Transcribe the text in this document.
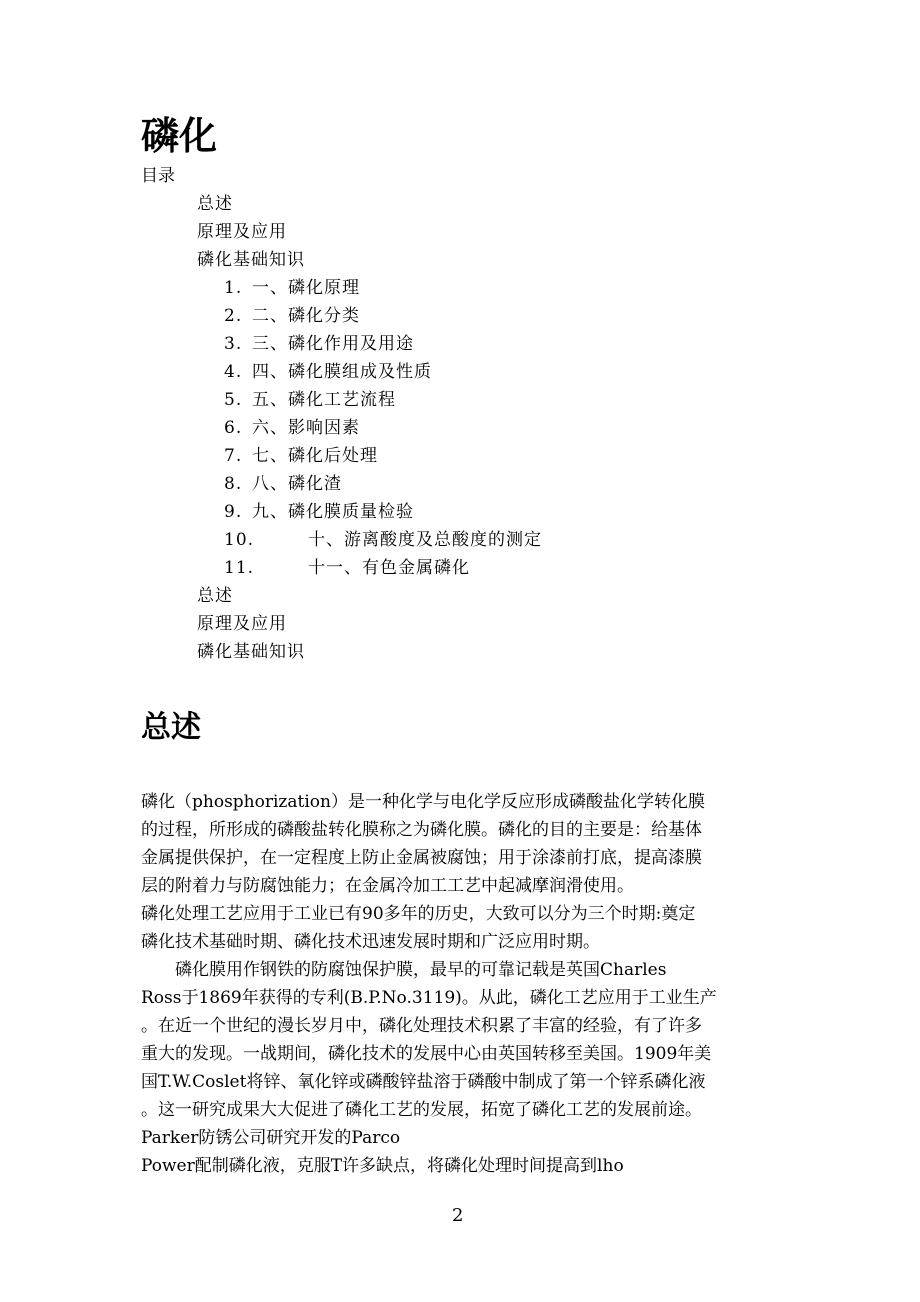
磷化
目录
总述
原理及应用
磷化基础知识
1. 一、磷化原理
2. 二、磷化分类
3. 三、磷化作用及用途
4. 四、磷化膜组成及性质
5. 五、磷化工艺流程
6. 六、影响因素
7. 七、磷化后处理
8. 八、磷化渣
9. 九、磷化膜质量检验
10.	十、游离酸度及总酸度的测定
11.	十一、有色金属磷化
总述
原理及应用
磷化基础知识
总述
磷化（phosphorization）是一种化学与电化学反应形成磷酸盐化学转化膜
的过程，所形成的磷酸盐转化膜称之为磷化膜。磷化的目的主要是：给基体
金属提供保护，在一定程度上防止金属被腐蚀；用于涂漆前打底，提高漆膜
层的附着力与防腐蚀能力；在金属冷加工工艺中起减摩润滑使用。
磷化处理工艺应用于工业已有90多年的历史，大致可以分为三个时期:奠定
磷化技术基础时期、磷化技术迅速发展时期和广泛应用时期。
　　磷化膜用作钢铁的防腐蚀保护膜，最早的可靠记载是英国Charles
Ross于1869年获得的专利(B.P.No.3119)。从此，磷化工艺应用于工业生产
。在近一个世纪的漫长岁月中，磷化处理技术积累了丰富的经验，有了许多
重大的发现。一战期间，磷化技术的发展中心由英国转移至美国。1909年美
国T.W.Coslet将锌、氧化锌或磷酸锌盐溶于磷酸中制成了第一个锌系磷化液
。这一研究成果大大促进了磷化工艺的发展，拓宽了磷化工艺的发展前途。
Parker防锈公司研究开发的Parco
Power配制磷化液，克服T许多缺点，将磷化处理时间提高到lho
2
